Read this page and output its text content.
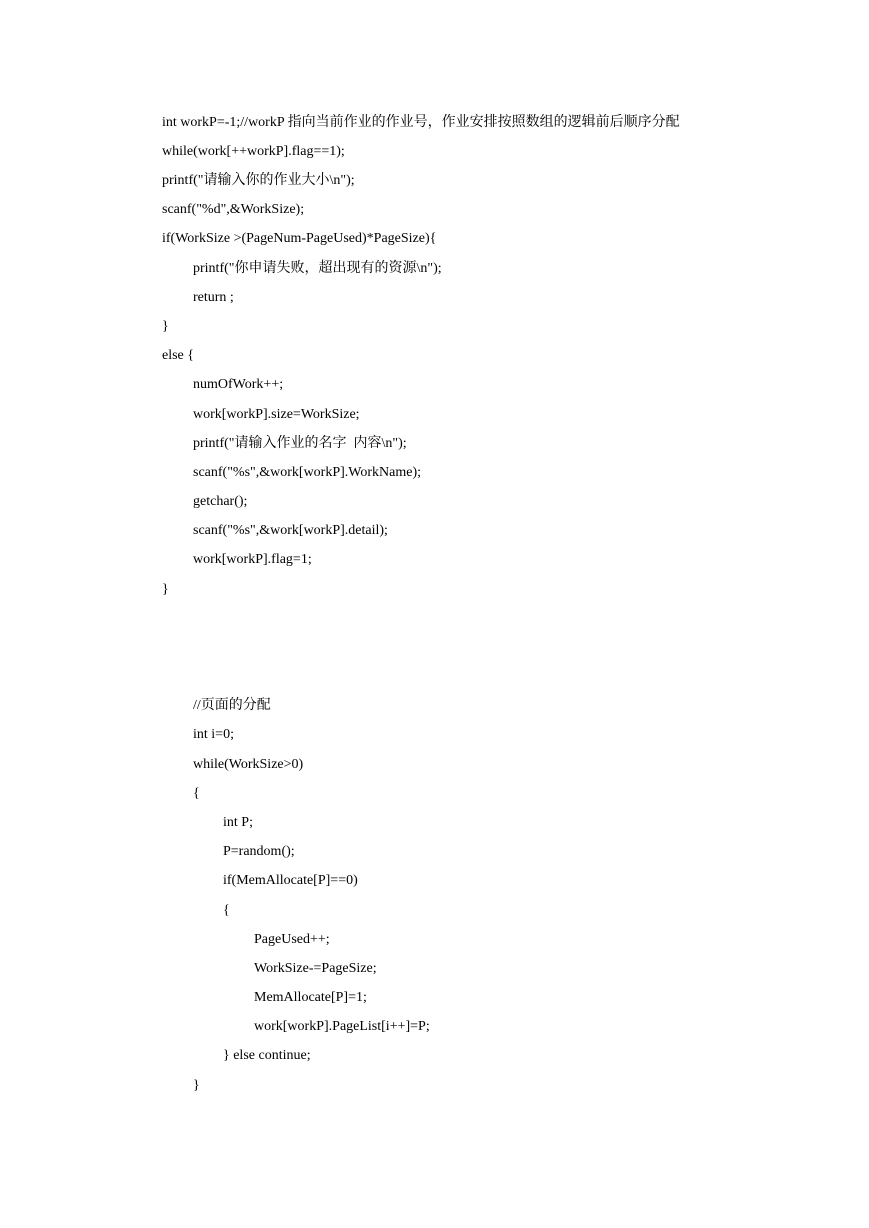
int workP=-1;//workP 指向当前作业的作业号，作业安排按照数组的逻辑前后顺序分配
while(work[++workP].flag==1);
printf("请输入你的作业大小\n");
scanf("%d",&WorkSize);
if(WorkSize >(PageNum-PageUsed)*PageSize){
printf("你申请失败，超出现有的资源\n");
return ;
}
else {
numOfWork++;
work[workP].size=WorkSize;
printf("请输入作业的名字  内容\n");
scanf("%s",&work[workP].WorkName);
getchar();
scanf("%s",&work[workP].detail);
work[workP].flag=1;
}
//页面的分配
int i=0;
while(WorkSize>0)
{
int P;
P=random();
if(MemAllocate[P]==0)
{
PageUsed++;
WorkSize-=PageSize;
MemAllocate[P]=1;
work[workP].PageList[i++]=P;
} else continue;
}
